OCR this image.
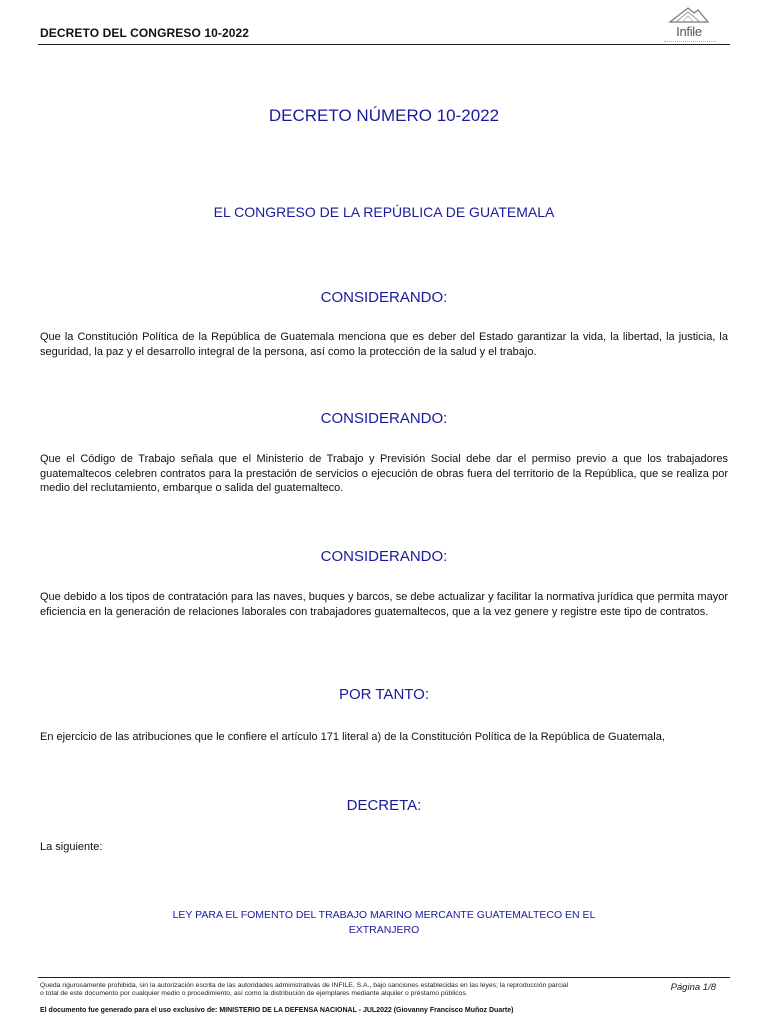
DECRETO DEL CONGRESO 10-2022	Infile
DECRETO NÚMERO 10-2022
EL CONGRESO DE LA REPÚBLICA DE GUATEMALA
CONSIDERANDO:
Que la Constitución Política de la República de Guatemala menciona que es deber del Estado garantizar la vida, la libertad, la justicia, la seguridad, la paz y el desarrollo integral de la persona, así como la protección de la salud y el trabajo.
CONSIDERANDO:
Que el Código de Trabajo señala que el Ministerio de Trabajo y Previsión Social debe dar el permiso previo a que los trabajadores guatemaltecos celebren contratos para la prestación de servicios o ejecución de obras fuera del territorio de la República, que se realiza por medio del reclutamiento, embarque o salida del guatemalteco.
CONSIDERANDO:
Que debido a los tipos de contratación para las naves, buques y barcos, se debe actualizar y facilitar la normativa jurídica que permita mayor eficiencia en la generación de relaciones laborales con trabajadores guatemaltecos, que a la vez genere y registre este tipo de contratos.
POR TANTO:
En ejercicio de las atribuciones que le confiere el artículo 171 literal a) de la Constitución Política de la República de Guatemala,
DECRETA:
La siguiente:
LEY PARA EL FOMENTO DEL TRABAJO MARINO MERCANTE GUATEMALTECO EN EL EXTRANJERO
Queda rigurosamente prohibida, sin la autorización escrita de las autoridades administrativas de INFILE, S.A., bajo sanciones establecidas en las leyes; la reproducción parcial o total de este documento por cualquier medio o procedimiento, así como la distribución de ejemplares mediante alquiler o préstamo públicos.
Página 1/8
El documento fue generado para el uso exclusivo de: MINISTERIO DE LA DEFENSA NACIONAL - JUL2022 (Giovanny Francisco Muñoz Duarte)
